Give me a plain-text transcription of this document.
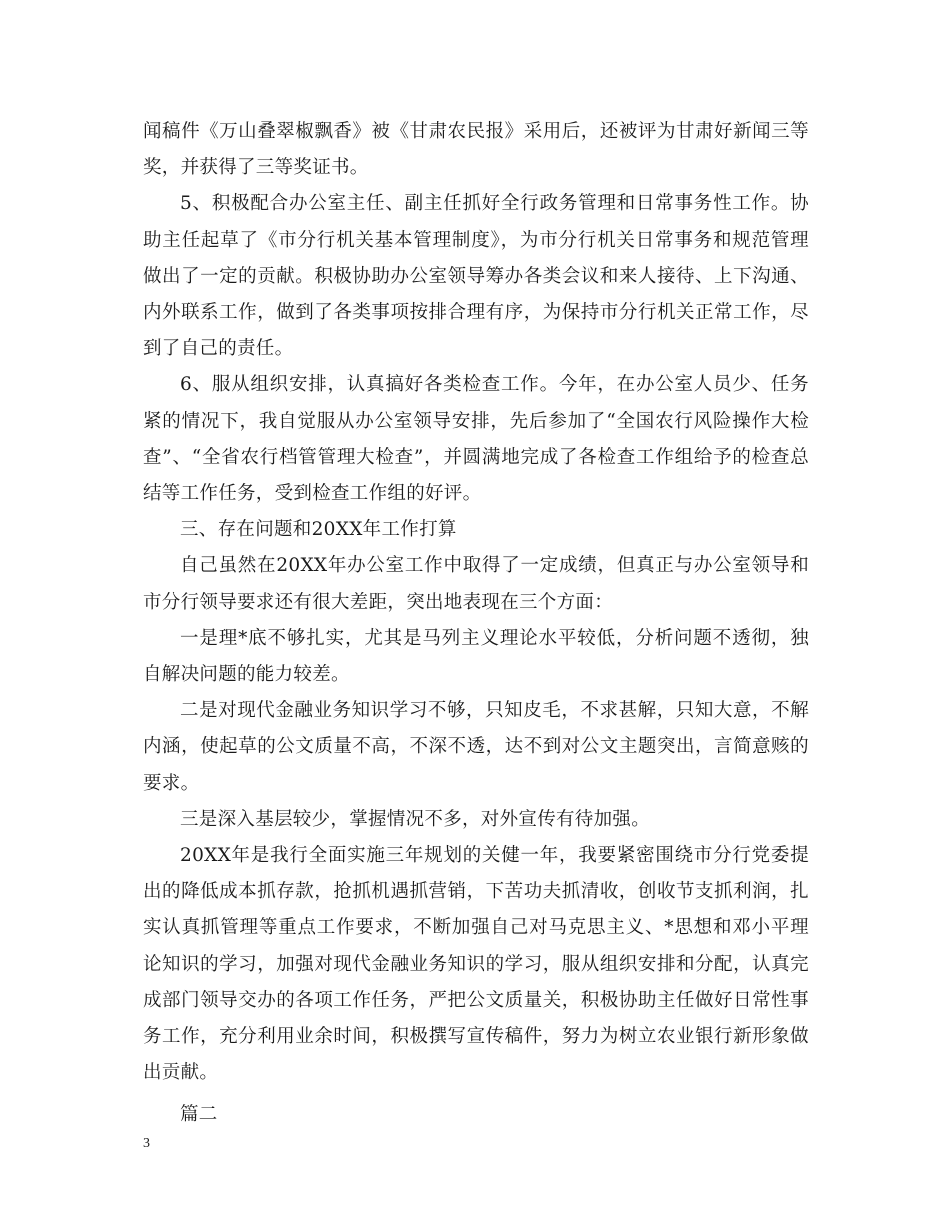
闻稿件《万山叠翠椒飘香》被《甘肃农民报》采用后，还被评为甘肃好新闻三等奖，并获得了三等奖证书。

5、积极配合办公室主任、副主任抓好全行政务管理和日常事务性工作。协助主任起草了《市分行机关基本管理制度》，为市分行机关日常事务和规范管理做出了一定的贡献。积极协助办公室领导筹办各类会议和来人接待、上下沟通、内外联系工作，做到了各类事项按排合理有序，为保持市分行机关正常工作，尽到了自己的责任。

6、服从组织安排，认真搞好各类检查工作。今年，在办公室人员少、任务紧的情况下，我自觉服从办公室领导安排，先后参加了“全国农行风险操作大检查”、“全省农行档管管理大检查”，并圆满地完成了各检查工作组给予的检查总结等工作任务，受到检查工作组的好评。

三、存在问题和20XX年工作打算

自己虽然在20XX年办公室工作中取得了一定成绩，但真正与办公室领导和市分行领导要求还有很大差距，突出地表现在三个方面：

一是理*底不够扎实，尤其是马列主义理论水平较低，分析问题不透彻，独自解决问题的能力较差。

二是对现代金融业务知识学习不够，只知皮毛，不求甚解，只知大意，不解内涵，使起草的公文质量不高，不深不透，达不到对公文主题突出，言简意赅的要求。

三是深入基层较少，掌握情况不多，对外宣传有待加强。

20XX年是我行全面实施三年规划的关健一年，我要紧密围绕市分行党委提出的降低成本抓存款，抢抓机遇抓营销，下苦功夫抓清收，创收节支抓利润，扎实认真抓管理等重点工作要求，不断加强自己对马克思主义、*思想和邓小平理论知识的学习，加强对现代金融业务知识的学习，服从组织安排和分配，认真完成部门领导交办的各项工作任务，严把公文质量关，积极协助主任做好日常性事务工作，充分利用业余时间，积极撰写宣传稿件，努力为树立农业银行新形象做出贡献。

篇二

3
